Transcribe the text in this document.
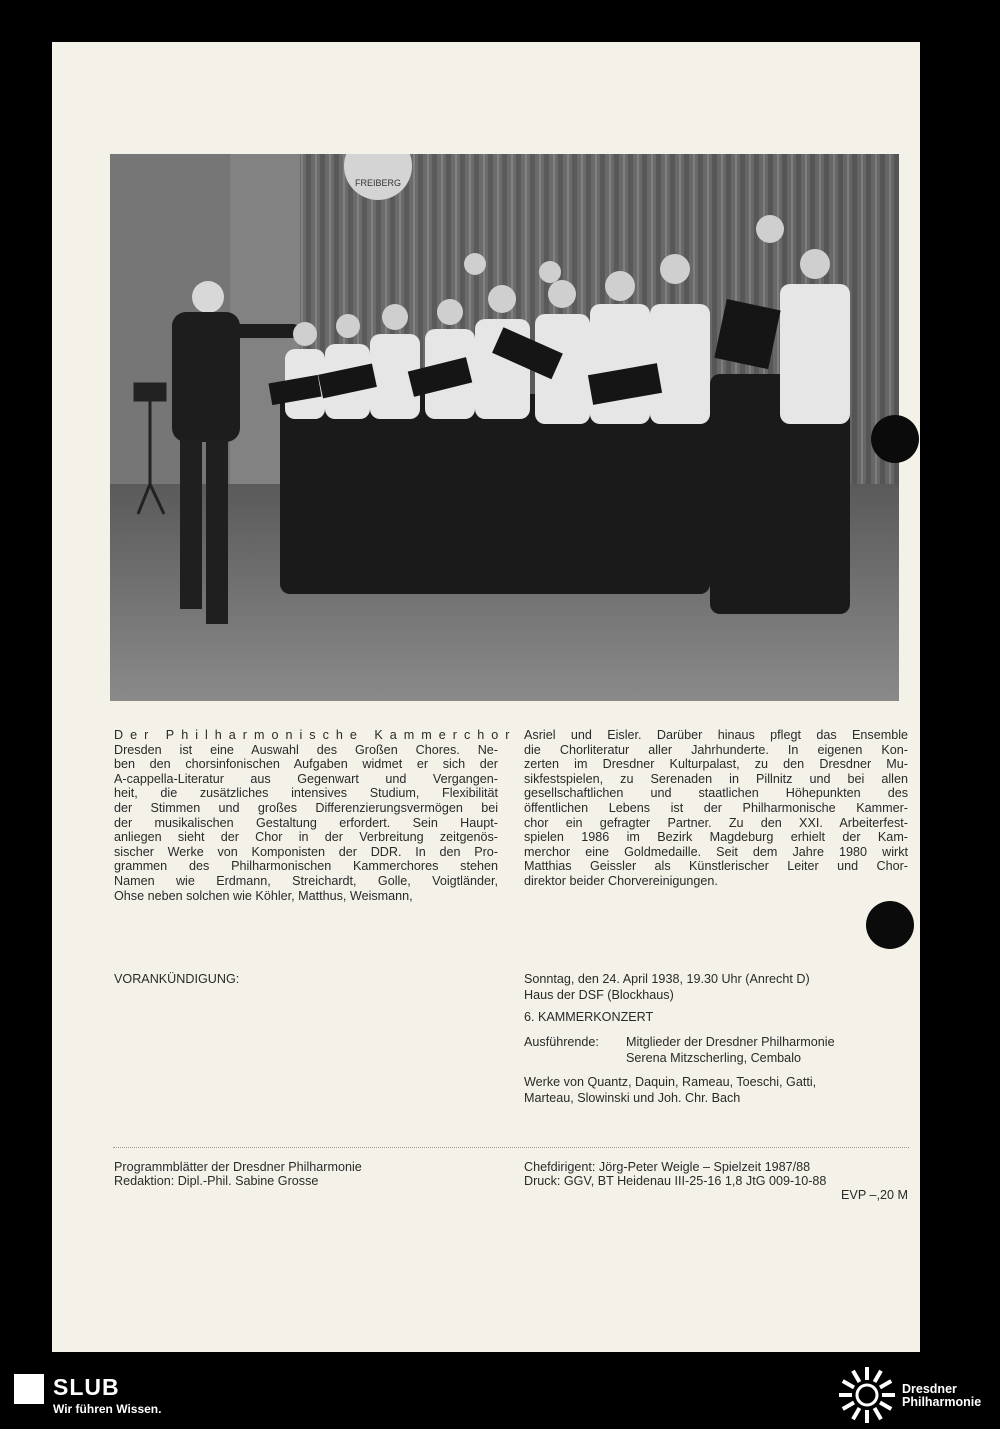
FREIBERG
Der Philharmonische Kammerchor
Dresden ist eine Auswahl des Großen Chores. Ne-
ben den chorsinfonischen Aufgaben widmet er sich der
A-cappella-Literatur aus Gegenwart und Vergangen-
heit, die zusätzliches intensives Studium, Flexibilität
der Stimmen und großes Differenzierungsvermögen bei
der musikalischen Gestaltung erfordert. Sein Haupt-
anliegen sieht der Chor in der Verbreitung zeitgenös-
sischer Werke von Komponisten der DDR. In den Pro-
grammen des Philharmonischen Kammerchores stehen
Namen wie Erdmann, Streichardt, Golle, Voigtländer,
Ohse neben solchen wie Köhler, Matthus, Weismann,
Asriel und Eisler. Darüber hinaus pflegt das Ensemble
die Chorliteratur aller Jahrhunderte. In eigenen Kon-
zerten im Dresdner Kulturpalast, zu den Dresdner Mu-
sikfestspielen, zu Serenaden in Pillnitz und bei allen
gesellschaftlichen und staatlichen Höhepunkten des
öffentlichen Lebens ist der Philharmonische Kammer-
chor ein gefragter Partner. Zu den XXI. Arbeiterfest-
spielen 1986 im Bezirk Magdeburg erhielt der Kam-
merchor eine Goldmedaille. Seit dem Jahre 1980 wirkt
Matthias Geissler als Künstlerischer Leiter und Chor-
direktor beider Chorvereinigungen.
VORANKÜNDIGUNG:	Sonntag, den 24. April 1938, 19.30 Uhr (Anrecht D)
Haus der DSF (Blockhaus)
6. KAMMERKONZERT
Ausführende: Mitglieder der Dresdner Philharmonie
Serena Mitzscherling, Cembalo
Werke von Quantz, Daquin, Rameau, Toeschi, Gatti,
Marteau, Slowinski und Joh. Chr. Bach
Programmblätter der Dresdner Philharmonie
Redaktion: Dipl.-Phil. Sabine Grosse
Chefdirigent: Jörg-Peter Weigle – Spielzeit 1987/88
Druck: GGV, BT Heidenau III-25-16 1,8 JtG 009-10-88
EVP –,20 M
SLUB
Wir führen Wissen.
Dresdner
Philharmonie
